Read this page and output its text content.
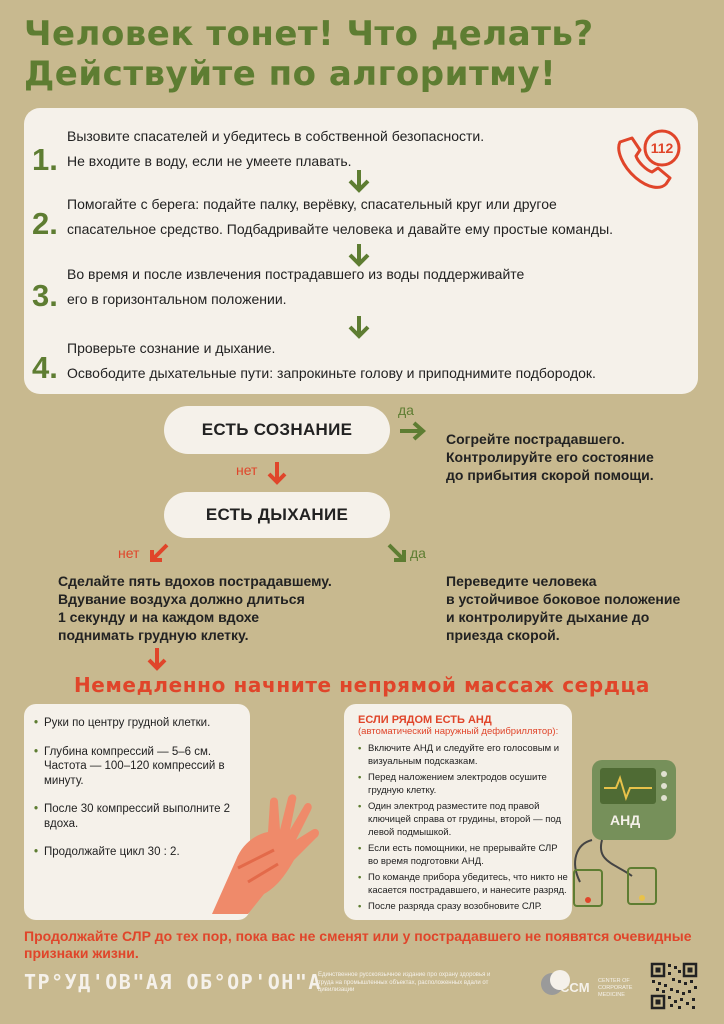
Человек тонет! Что делать?
Действуйте по алгоритму!
1.
Вызовите спасателей и убедитесь в собственной безопасности.
Не входите в воду, если не умеете плавать.
2.
Помогайте с берега: подайте палку, верёвку, спасательный круг или другое
спасательное средство. Подбадривайте человека и давайте ему простые команды.
3.
Во время и после извлечения пострадавшего из воды поддерживайте
его в горизонтальном положении.
4.
Проверьте сознание и дыхание.
Освободите дыхательные пути: запрокиньте голову и приподнимите подбородок.
112
ЕСТЬ СОЗНАНИЕ
да
Согрейте пострадавшего.
Контролируйте его состояние
до прибытия скорой помощи.
нет
ЕСТЬ ДЫХАНИЕ
нет	да
Сделайте пять вдохов пострадавшему.
Вдувание воздуха должно длиться
1 секунду и на каждом вдохе
поднимать грудную клетку.
Переведите человека
в устойчивое боковое положение
и контролируйте дыхание до
приезда скорой.
Немедленно начните непрямой массаж сердца
• Руки по центру грудной клетки.
• Глубина компрессий — 5–6 см. Частота — 100–120 компрессий в минуту.
• После 30 компрессий выполните 2 вдоха.
• Продолжайте цикл 30 : 2.
ЕСЛИ РЯДОМ ЕСТЬ АНД
(автоматический наружный дефибриллятор):
• Включите АНД и следуйте его голосовым и визуальным подсказкам.
• Перед наложением электродов осушите грудную клетку.
• Один электрод разместите под правой ключицей справа от грудины, второй — под левой подмышкой.
• Если есть помощники, не прерывайте СЛР во время подготовки АНД.
• По команде прибора убедитесь, что никто не касается пострадавшего, и нанесите разряд.
• После разряда сразу возобновите СЛР.
АНД
Продолжайте СЛР до тех пор, пока вас не сменят или у пострадавшего не появятся очевидные признаки жизни.
ТР°УД'ОВ"АЯ ОБ°ОР'ОН"А
Единственное русскоязычное издание про охрану здоровья и труда на промышленных объектах, расположенных вдали от цивилизации	CCM CENTER OF
CORPORATE
MEDICINE
